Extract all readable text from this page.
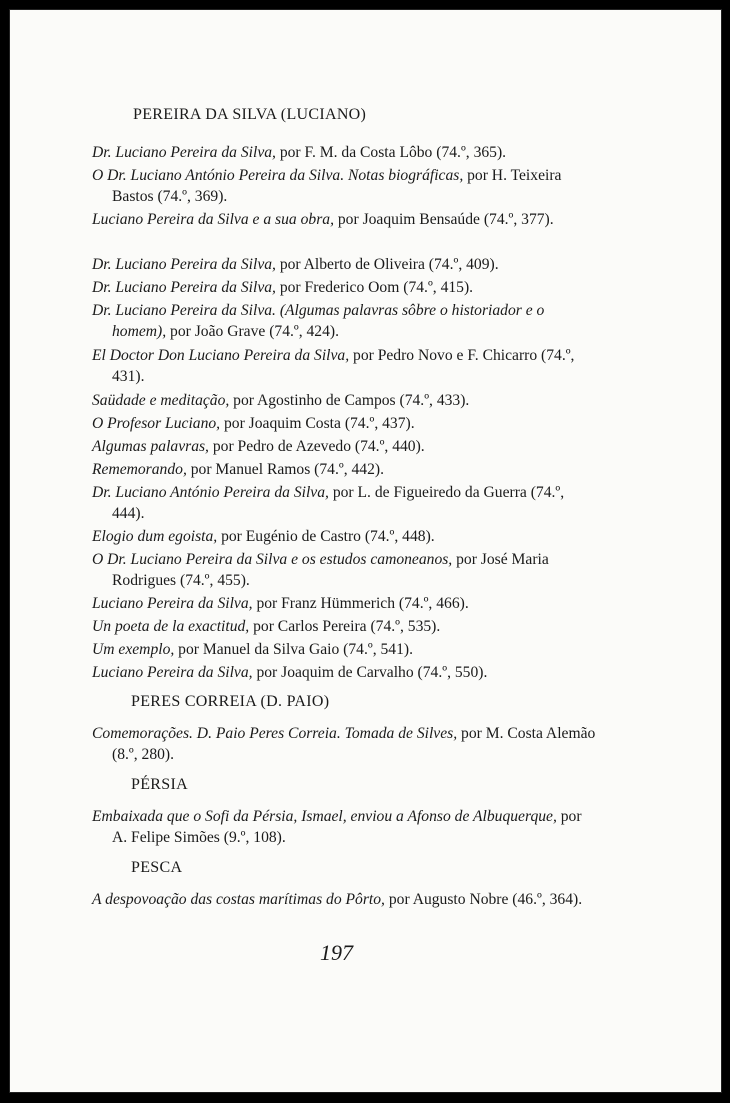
PEREIRA DA SILVA (LUCIANO)
Dr. Luciano Pereira da Silva, por F. M. da Costa Lôbo (74.º, 365).
O Dr. Luciano António Pereira da Silva. Notas biográficas, por H. Teixeira Bastos (74.º, 369).
Luciano Pereira da Silva e a sua obra, por Joaquim Bensaúde (74.º, 377).
Dr. Luciano Pereira da Silva, por Alberto de Oliveira (74.º, 409).
Dr. Luciano Pereira da Silva, por Frederico Oom (74.º, 415).
Dr. Luciano Pereira da Silva. (Algumas palavras sôbre o historiador e o homem), por João Grave (74.º, 424).
El Doctor Don Luciano Pereira da Silva, por Pedro Novo e F. Chicarro (74.º, 431).
Saüdade e meditação, por Agostinho de Campos (74.º, 433).
O Profesor Luciano, por Joaquim Costa (74.º, 437).
Algumas palavras, por Pedro de Azevedo (74.º, 440).
Rememorando, por Manuel Ramos (74.º, 442).
Dr. Luciano António Pereira da Silva, por L. de Figueiredo da Guerra (74.º, 444).
Elogio dum egoista, por Eugénio de Castro (74.º, 448).
O Dr. Luciano Pereira da Silva e os estudos camoneanos, por José Maria Rodrigues (74.º, 455).
Luciano Pereira da Silva, por Franz Hümmerich (74.º, 466).
Un poeta de la exactitud, por Carlos Pereira (74.º, 535).
Um exemplo, por Manuel da Silva Gaio (74.º, 541).
Luciano Pereira da Silva, por Joaquim de Carvalho (74.º, 550).
PERES CORREIA (D. PAIO)
Comemorações. D. Paio Peres Correia. Tomada de Silves, por M. Costa Alemão (8.º, 280).
PÉRSIA
Embaixada que o Sofi da Pérsia, Ismael, enviou a Afonso de Albuquerque, por A. Felipe Simões (9.º, 108).
PESCA
A despovoação das costas marítimas do Pôrto, por Augusto Nobre (46.º, 364).
197
